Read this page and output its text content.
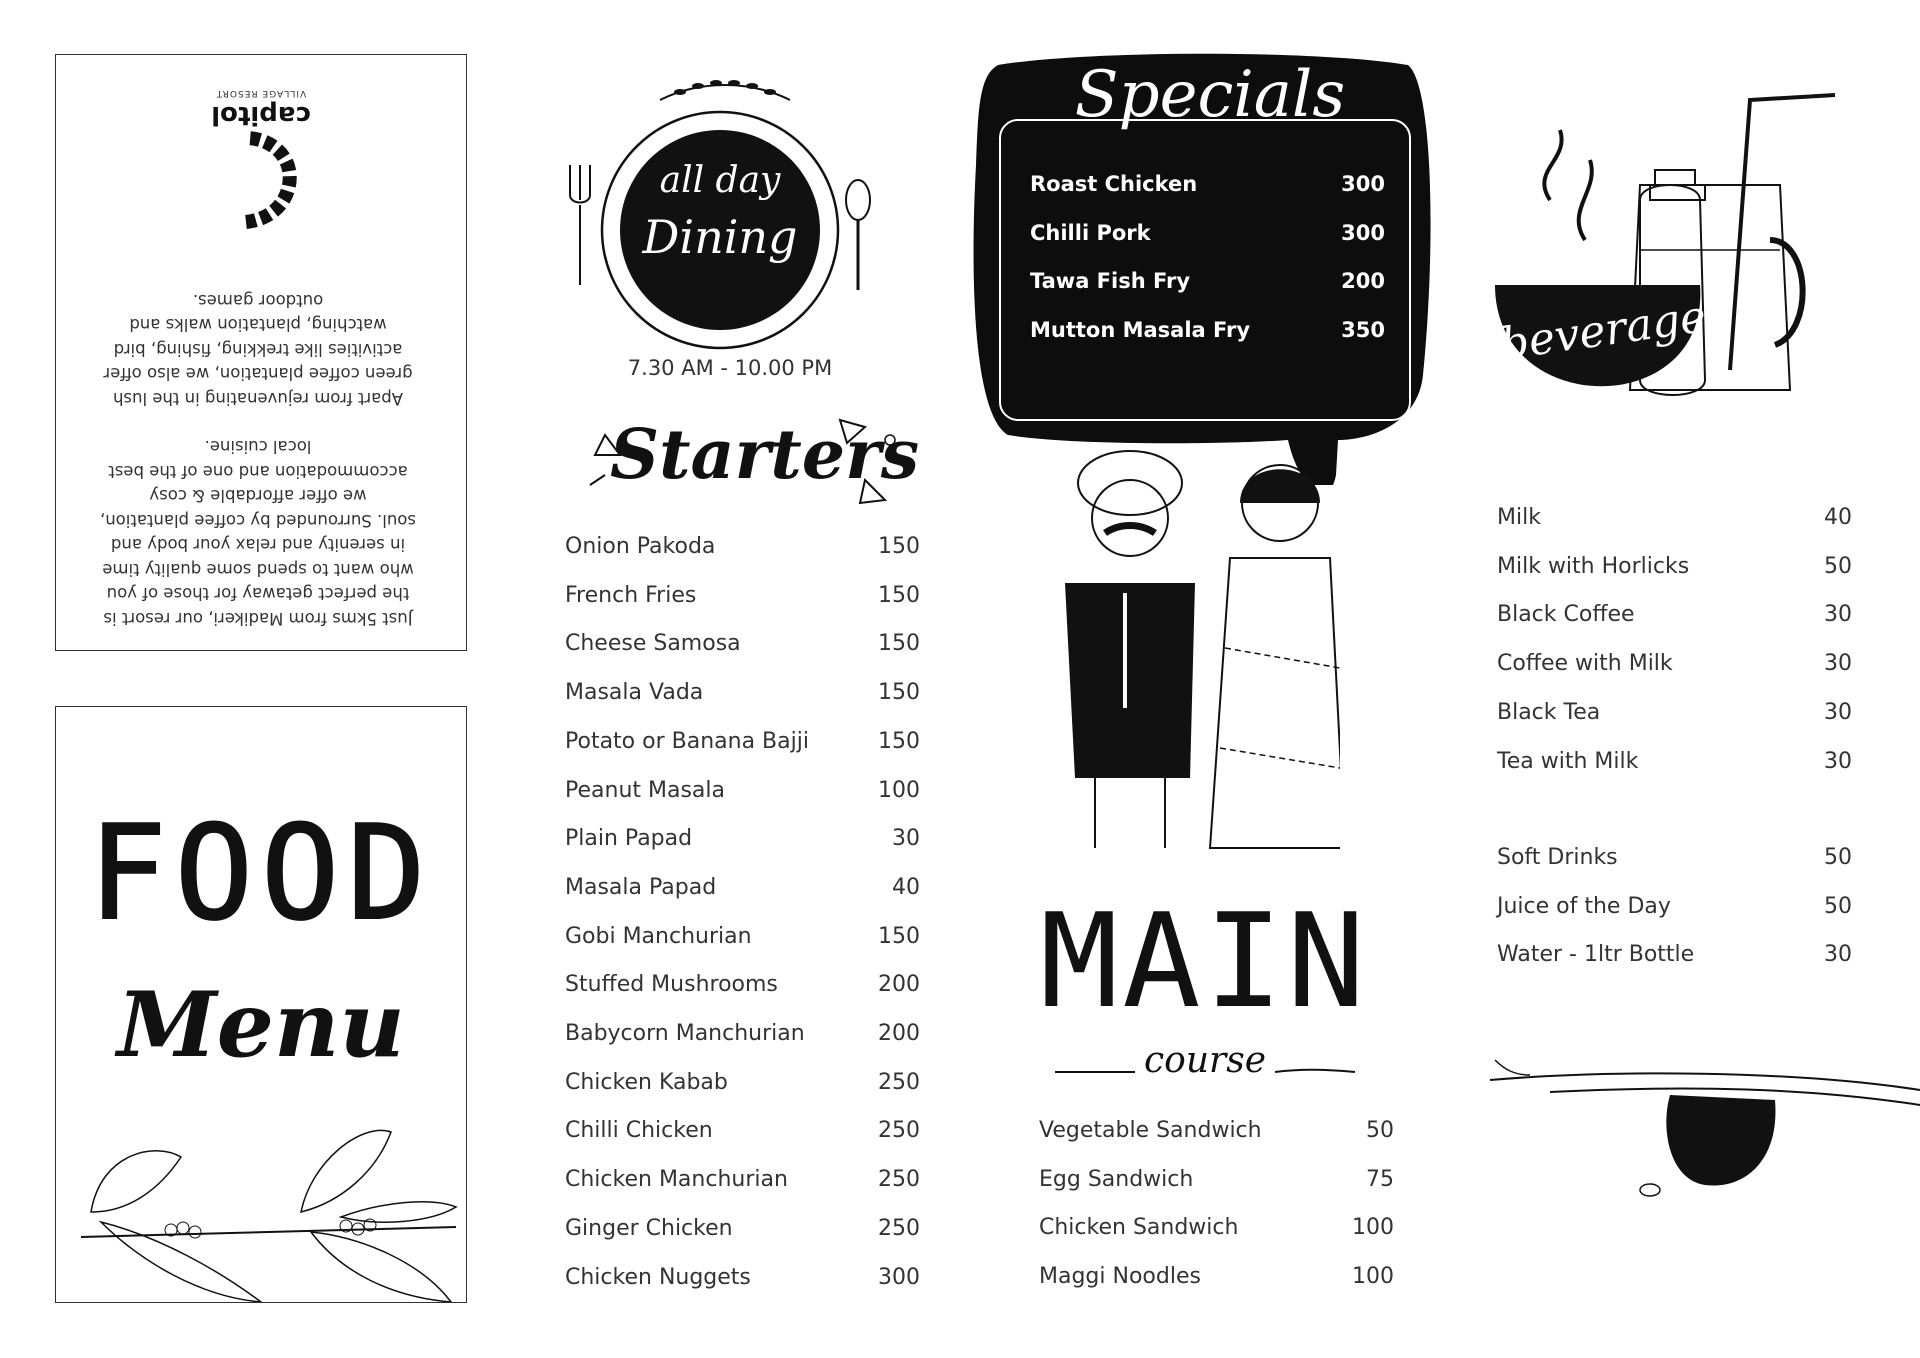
capitol
VILLAGE RESORT

Just 5kms from Madikeri, our resort is the perfect getaway for those of you who want to spend some quality time in serenity and relax your body and soul. Surrounded by coffee plantation, we offer affordable & cosy accommodation and one of the best local cuisine.

Apart from rejuvenating in the lush green coffee plantation, we also offer activities like trekking, fishing, bird watching, plantation walks and outdoor games.

FOOD
Menu
all day
Dining
7.30 AM - 10.00 PM
Starters
Onion Pakoda	150
French Fries	150
Cheese Samosa	150
Masala Vada	150
Potato or Banana Bajji	150
Peanut Masala	100
Plain Papad	30
Masala Papad	40
Gobi Manchurian	150
Stuffed Mushrooms	200
Babycorn Manchurian	200
Chicken Kabab	250
Chilli Chicken	250
Chicken Manchurian	250
Ginger Chicken	250
Chicken Nuggets	300
Specials
Roast Chicken	300
Chilli Pork	300
Tawa Fish Fry	200
Mutton Masala Fry	350
MAIN
course
Vegetable Sandwich	50
Egg Sandwich	75
Chicken Sandwich	100
Maggi Noodles	100
beverages
Milk	40
Milk with Horlicks	50
Black Coffee	30
Coffee with Milk	30
Black Tea	30
Tea with Milk	30
Soft Drinks	50
Juice of the Day	50
Water - 1ltr Bottle	30
